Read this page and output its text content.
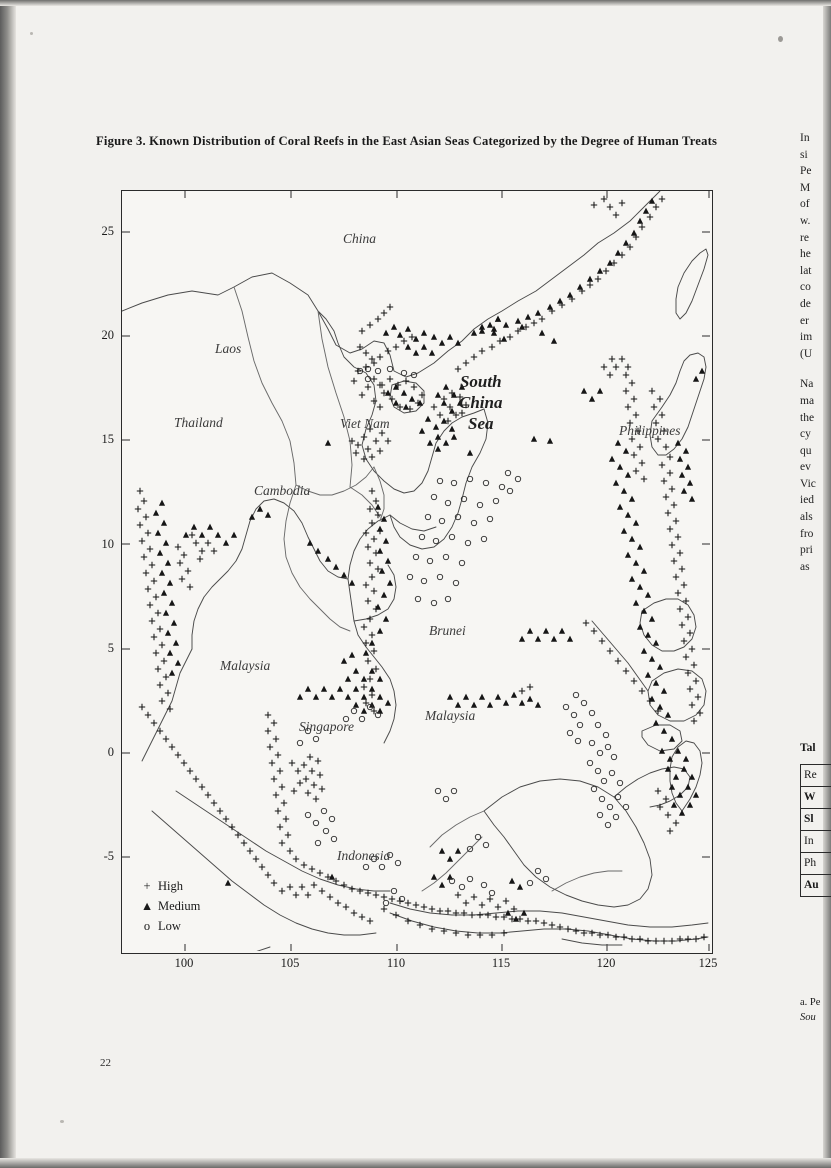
Figure 3. Known Distribution of Coral Reefs in the East Asian Seas Categorized by the Degree of Human Treats
China
Laos
Thailand	Viet Nam
Cambodia
Philippines
Brunei
Malaysia
Malaysia
Singapore
Indonesia
South
China
Sea
25
20
15
10
5
0
-5
100	105	110	115	120	125
+ High
▲ Medium
o Low
In
si
Pe
M
of
w.
re
he
lat
co
de
er
im
(U
Na
ma
the
cy
qu
ev
Vic
ied
als
fro
pri
as
Tal
Re
W
Sl
In
Ph
Au
a. Pe
Sou
22
